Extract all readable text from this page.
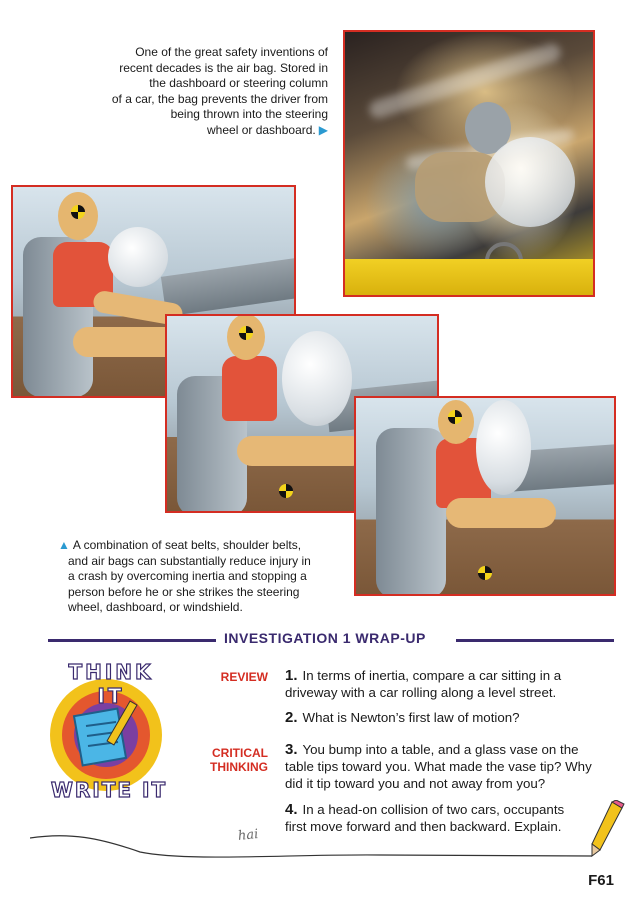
One of the great safety inventions of
recent decades is the air bag. Stored in
the dashboard or steering column
of a car, the bag prevents the driver from
being thrown into the steering
wheel or dashboard. ▶
▲ A combination of seat belts, shoulder belts,
and air bags can substantially reduce injury in
a crash by overcoming inertia and stopping a
person before he or she strikes the steering
wheel, dashboard, or windshield.
INVESTIGATION 1 WRAP-UP
THINK IT
WRITE IT
REVIEW
CRITICAL
THINKING
1. In terms of inertia, compare a car sitting in a
driveway with a car rolling along a level street.
2. What is Newton’s first law of motion?
3. You bump into a table, and a glass vase on the
table tips toward you. What made the vase tip? Why
did it tip toward you and not away from you?
4. In a head-on collision of two cars, occupants
first move forward and then backward. Explain.
hai
F61
